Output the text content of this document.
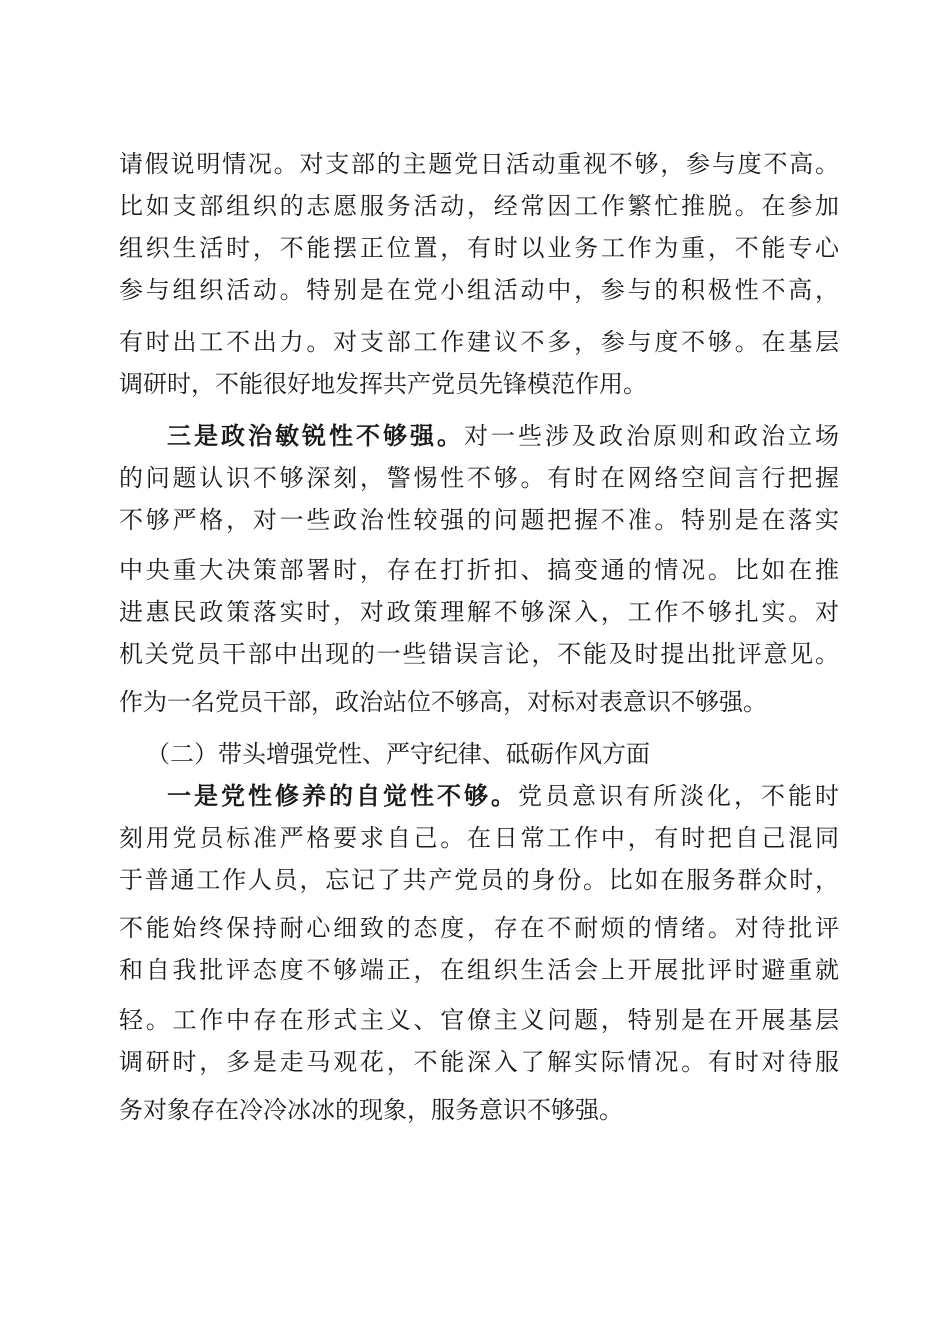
请假说明情况。对支部的主题党日活动重视不够，参与度不高。
比如支部组织的志愿服务活动，经常因工作繁忙推脱。在参加
组织生活时，不能摆正位置，有时以业务工作为重，不能专心
参与组织活动。特别是在党小组活动中，参与的积极性不高，
有时出工不出力。对支部工作建议不多，参与度不够。在基层
调研时，不能很好地发挥共产党员先锋模范作用。
三是政治敏锐性不够强。对一些涉及政治原则和政治立场
的问题认识不够深刻，警惕性不够。有时在网络空间言行把握
不够严格，对一些政治性较强的问题把握不准。特别是在落实
中央重大决策部署时，存在打折扣、搞变通的情况。比如在推
进惠民政策落实时，对政策理解不够深入，工作不够扎实。对
机关党员干部中出现的一些错误言论，不能及时提出批评意见。
作为一名党员干部，政治站位不够高，对标对表意识不够强。
（二）带头增强党性、严守纪律、砥砺作风方面
一是党性修养的自觉性不够。党员意识有所淡化，不能时
刻用党员标准严格要求自己。在日常工作中，有时把自己混同
于普通工作人员，忘记了共产党员的身份。比如在服务群众时，
不能始终保持耐心细致的态度，存在不耐烦的情绪。对待批评
和自我批评态度不够端正，在组织生活会上开展批评时避重就
轻。工作中存在形式主义、官僚主义问题，特别是在开展基层
调研时，多是走马观花，不能深入了解实际情况。有时对待服
务对象存在冷冷冰冰的现象，服务意识不够强。
